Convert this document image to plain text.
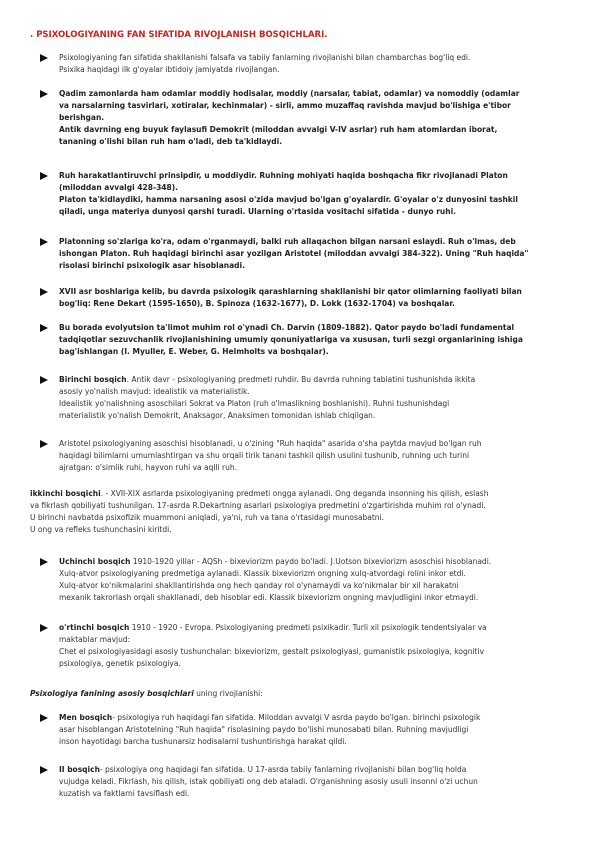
. PSIXOLOGIYANING FAN SIFATIDA RIVOJLANISH BOSQICHLARI.
Psixologiyaning fan sifatida shakllanishi falsafa va tabiiy fanlarning rivojlanishi bilan chambarchas bog'liq edi.
Psixika haqidagi ilk g'oyalar ibtidoiy jamiyatda rivojlangan.
Qadim zamonlarda ham odamlar moddiy hodisalar, moddiy (narsalar, tabiat, odamlar) va nomoddiy (odamlar
va narsalarning tasvirlari, xotiralar, kechinmalar) - sirli, ammo muzaffaq ravishda mavjud bo'lishiga e'tibor
berishgan.
Antik davrning eng buyuk faylasufi Demokrit (miloddan avvalgi V-IV asrlar) ruh ham atomlardan iborat,
tananing o'lishi bilan ruh ham o'ladi, deb ta'kidlaydi.
Ruh harakatlantiruvchi prinsipdir, u moddiydir. Ruhning mohiyati haqida boshqacha fikr rivojlanadi Platon
(miloddan avvalgi 428-348).
Platon ta'kidlaydiki, hamma narsaning asosi o'zida mavjud bo'lgan g'oyalardir. G'oyalar o'z dunyosini tashkil
qiladi, unga materiya dunyosi qarshi turadi. Ularning o'rtasida vositachi sifatida - dunyo ruhi.
Platonning so'zlariga ko'ra, odam o'rganmaydi, balki ruh allaqachon bilgan narsani eslaydi. Ruh o'lmas, deb
ishongan Platon. Ruh haqidagi birinchi asar yozilgan Aristotel (miloddan avvalgi 384-322). Uning "Ruh haqida"
risolasi birinchi psixologik asar hisoblanadi.
XVII asr boshlariga kelib, bu davrda psixologik qarashlarning shakllanishi bir qator olimlarning faoliyati bilan
bog'liq: Rene Dekart (1595-1650), B. Spinoza (1632-1677), D. Lokk (1632-1704) va boshqalar.
Bu borada evolyutsion ta'limot muhim rol o'ynadi Ch. Darvin (1809-1882). Qator paydo bo'ladi fundamental
tadqiqotlar sezuvchanlik rivojlanishining umumiy qonuniyatlariga va xususan, turli sezgi organlarining ishiga
bag'ishlangan (I. Myuller, E. Weber, G. Helmholts va boshqalar).
Birinchi bosqich. Antik davr - psixologiyaning predmeti ruhdir. Bu davrda ruhning tabiatini tushunishda ikkita
asosiy yo'nalish mavjud: idealistik va materialistik.
Idealistik yo'nalishning asoschilari Sokrat va Platon (ruh o'lmaslikning boshlanishi). Ruhni tushunishdagi
materialistik yo'nalish Demokrit, Anaksagor, Anaksimen tomonidan ishlab chiqilgan.
Aristotel psixologiyaning asoschisi hisoblanadi, u o'zining "Ruh haqida" asarida o'sha paytda mavjud bo'lgan ruh
haqidagi bilimlarni umumlashtirgan va shu orqali tirik tanani tashkil qilish usulini tushunib, ruhning uch turini
ajratgan: o'simlik ruhi, hayvon ruhi va aqlli ruh.
ikkinchi bosqichi. - XVII-XIX asrlarda psixologiyaning predmeti ongga aylanadi. Ong deganda insonning his qilish, eslash
va fikrlash qobiliyati tushunilgan. 17-asrda R.Dekartning asarlari psixologiya predmetini o'zgartirishda muhim rol o'ynadi.
U birinchi navbatda psixofizik muammoni aniqladi, ya'ni, ruh va tana o'rtasidagi munosabatni.
U ong va refleks tushunchasini kiritdi.
Uchinchi bosqich 1910-1920 yillar - AQSh - bixeviorizm paydo bo'ladi. J.Uotson bixeviorizm asoschisi hisoblanadi.
Xulq-atvor psixologiyaning predmetiga aylanadi. Klassik bixeviorizm ongning xulq-atvordagi rolini inkor etdi.
Xulq-atvor ko'nikmalarini shakllantirishda ong hech qanday rol o'ynamaydi va ko'nikmalar bir xil harakatni
mexanik takrorlash orqali shakllanadi, deb hisoblar edi. Klassik bixeviorizm ongning mavjudligini inkor etmaydi.
o'rtinchi bosqich 1910 - 1920 - Evropa. Psixologiyaning predmeti psixikadir. Turli xil psixologik tendentsiyalar va
maktablar mavjud:
Chet el psixologiyasidagi asosiy tushunchalar: bixeviorizm, gestalt psixologiyasi, gumanistik psixologiya, kognitiv
psixologiya, genetik psixologiya.
Psixologiya fanining asosiy bosqichlari uning rivojlanishi:
Men bosqich- psixologiya ruh haqidagi fan sifatida. Miloddan avvalgi V asrda paydo bo'lgan. birinchi psixologik
asar hisoblangan Aristotelning "Ruh haqida" risolasining paydo bo'lishi munosabati bilan. Ruhning mavjudligi
inson hayotidagi barcha tushunarsiz hodisalarni tushuntirishga harakat qildi.
II bosqich- psixologiya ong haqidagi fan sifatida. U 17-asrda tabiiy fanlarning rivojlanishi bilan bog'liq holda
vujudga keladi. Fikrlash, his qilish, istak qobiliyati ong deb ataladi. O'rganishning asosiy usuli insonni o'zi uchun
kuzatish va faktlarni tavsiflash edi.
